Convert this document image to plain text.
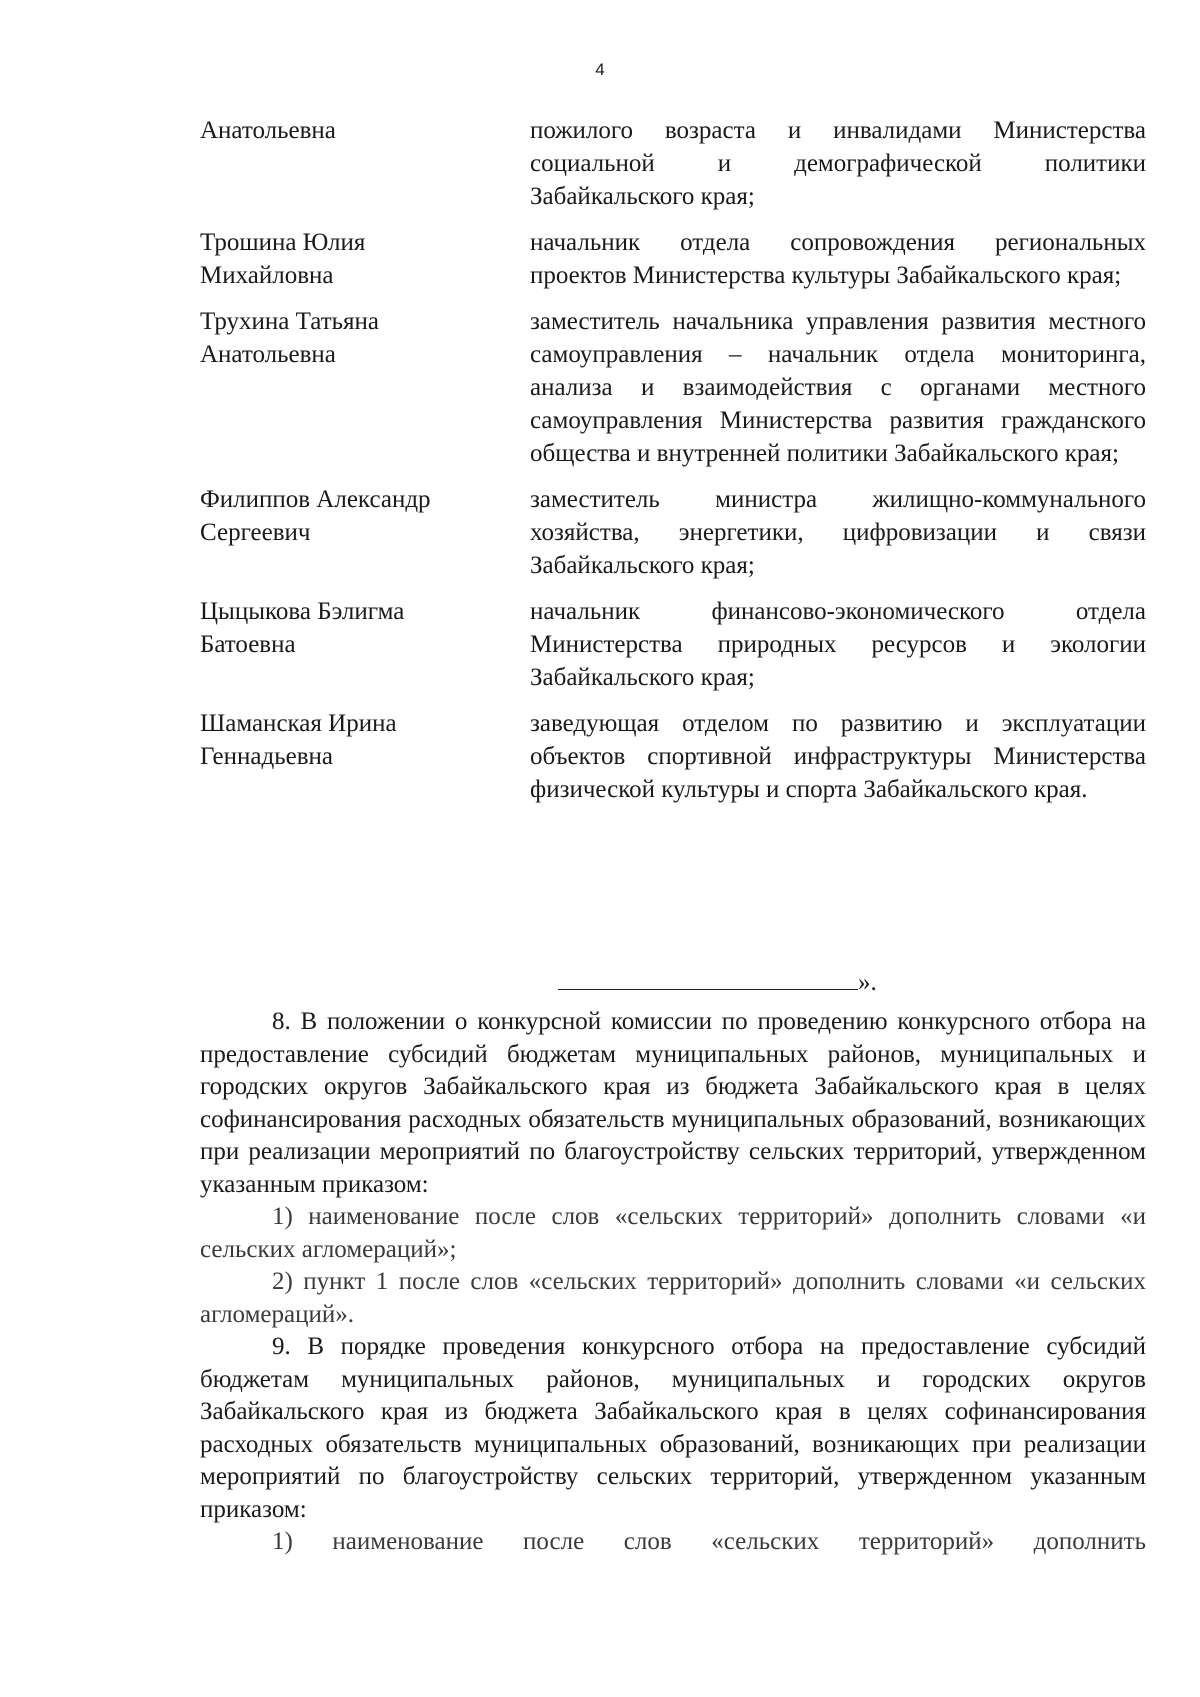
4
Анатольевна	пожилого возраста и инвалидами Министерства социальной и демографической политики Забайкальского края;
Трошина Юлия
Михайловна
начальник отдела сопровождения региональных проектов Министерства культуры Забайкальского края;
Трухина Татьяна
Анатольевна
заместитель начальника управления развития местного самоуправления – начальник отдела мониторинга, анализа и взаимодействия с органами местного самоуправления Министерства развития гражданского общества и внутренней политики Забайкальского края;
Филиппов Александр
Сергеевич
заместитель министра жилищно-коммунального хозяйства, энергетики, цифровизации и связи Забайкальского края;
Цыцыкова Бэлигма
Батоевна
начальник финансово-экономического отдела Министерства природных ресурсов и экологии Забайкальского края;
Шаманская Ирина
Геннадьевна
заведующая отделом по развитию и эксплуатации объектов спортивной инфраструктуры Министерства физической культуры и спорта Забайкальского края.
».

8. В положении о конкурсной комиссии по проведению конкурсного отбора на предоставление субсидий бюджетам муниципальных районов, муниципальных и городских округов Забайкальского края из бюджета Забайкальского края в целях софинансирования расходных обязательств муниципальных образований, возникающих при реализации мероприятий по благоустройству сельских территорий, утвержденном указанным приказом:

1) наименование после слов «сельских территорий» дополнить словами «и сельских агломераций»;

2) пункт 1 после слов «сельских территорий» дополнить словами «и сельских агломераций».

9. В порядке проведения конкурсного отбора на предоставление субсидий бюджетам муниципальных районов, муниципальных и городских округов Забайкальского края из бюджета Забайкальского края в целях софинансирования расходных обязательств муниципальных образований, возникающих при реализации мероприятий по благоустройству сельских территорий, утвержденном указанным приказом:

1) наименование после слов «сельских территорий» дополнить
